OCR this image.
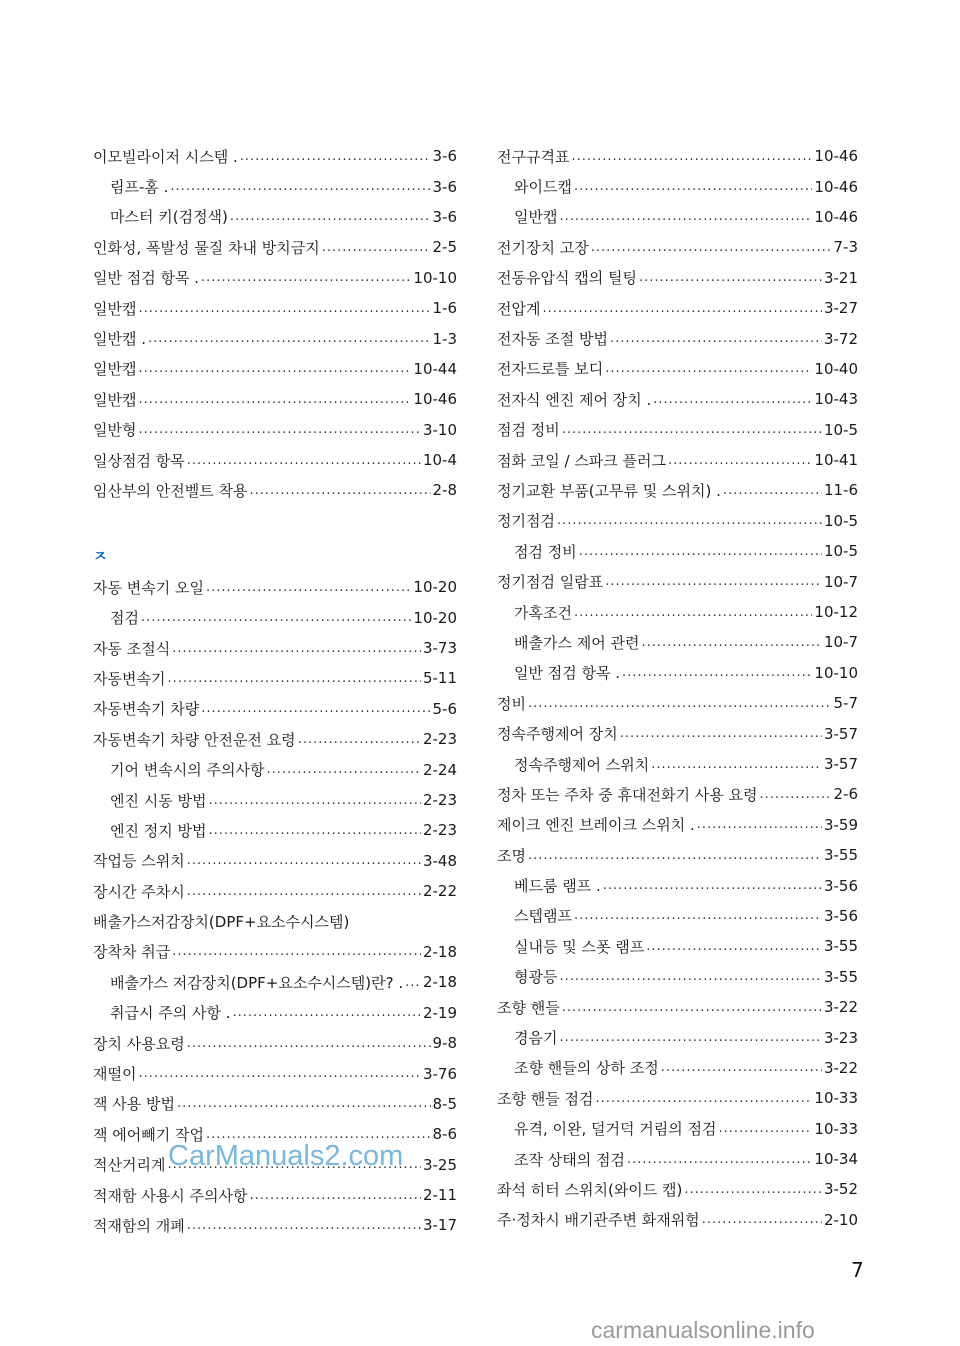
이모빌라이저 시스템 . .....	3-6
림프-홈 . .....	3-6
마스터 키(검정색) .....	3-6
인화성, 폭발성 물질 차내 방치금지 .....	2-5
일반 점검 항목 . .....	10-10
일반캡 .....	1-6
일반캡 . .....	1-3
일반캡 .....	10-44
일반캡 .....	10-46
일반형 .....	3-10
일상점검 항목 .....	10-4
임산부의 안전벨트 착용 .....	2-8
ㅈ
자동 변속기 오일 .....	10-20
점검 .....	10-20
자동 조절식 .....	3-73
자동변속기 .....	5-11
자동변속기 차량 .....	5-6
자동변속기 차량 안전운전 요령 .....	2-23
기어 변속시의 주의사항 .....	2-24
엔진 시동 방법 .....	2-23
엔진 정지 방법 .....	2-23
작업등 스위치 .....	3-48
장시간 주차시 .....	2-22
배출가스저감장치(DPF+요소수시스템)
장착차 취급 .....	2-18
배출가스 저감장치(DPF+요소수시스템)란? . ..... 2-18
취급시 주의 사항 . .....	2-19
장치 사용요령 .....	9-8
재떨이 .....	3-76
잭 사용 방법 .....	8-5
잭 에어빼기 작업 .....	8-6
적산거리계 .....	3-25
적재함 사용시 주의사항 .....	2-11
적재함의 개폐 .....	3-17
전구규격표 .....	10-46
와이드캡 .....	10-46
일반캡 .....	10-46
전기장치 고장 .....	7-3
전동유압식 캡의 틸팅 .....	3-21
전압계 .....	3-27
전자동 조절 방법 .....	3-72
전자드로틀 보디 .....	10-40
전자식 엔진 제어 장치 . .....	10-43
점검 정비 .....	10-5
점화 코일 / 스파크 플러그 .....	10-41
정기교환 부품(고무류 및 스위치) . .....	11-6
정기점검 .....	10-5
점검 정비 .....	10-5
정기점검 일람표 .....	10-7
가혹조건 .....	10-12
배출가스 제어 관련 .....	10-7
일반 점검 항목 . .....	10-10
정비 .....	5-7
정속주행제어 장치 .....	3-57
정속주행제어 스위치 .....	3-57
정차 또는 주차 중 휴대전화기 사용 요령 .....	2-6
제이크 엔진 브레이크 스위치 . .....	3-59
조명 .....	3-55
베드룸 램프 . .....	3-56
스텝램프 .....	3-56
실내등 및 스폿 램프 .....	3-55
형광등 .....	3-55
조향 핸들 .....	3-22
경음기 .....	3-23
조향 핸들의 상하 조정 .....	3-22
조향 핸들 점검 .....	10-33
유격, 이완, 덜거덕 거림의 점검 .....	10-33
조작 상태의 점검 .....	10-34
좌석 히터 스위치(와이드 캡) .....	3-52
주·정차시 배기관주변 화재위험 .....	2-10
7
CarManuals2.com
carmanualsonline.info
